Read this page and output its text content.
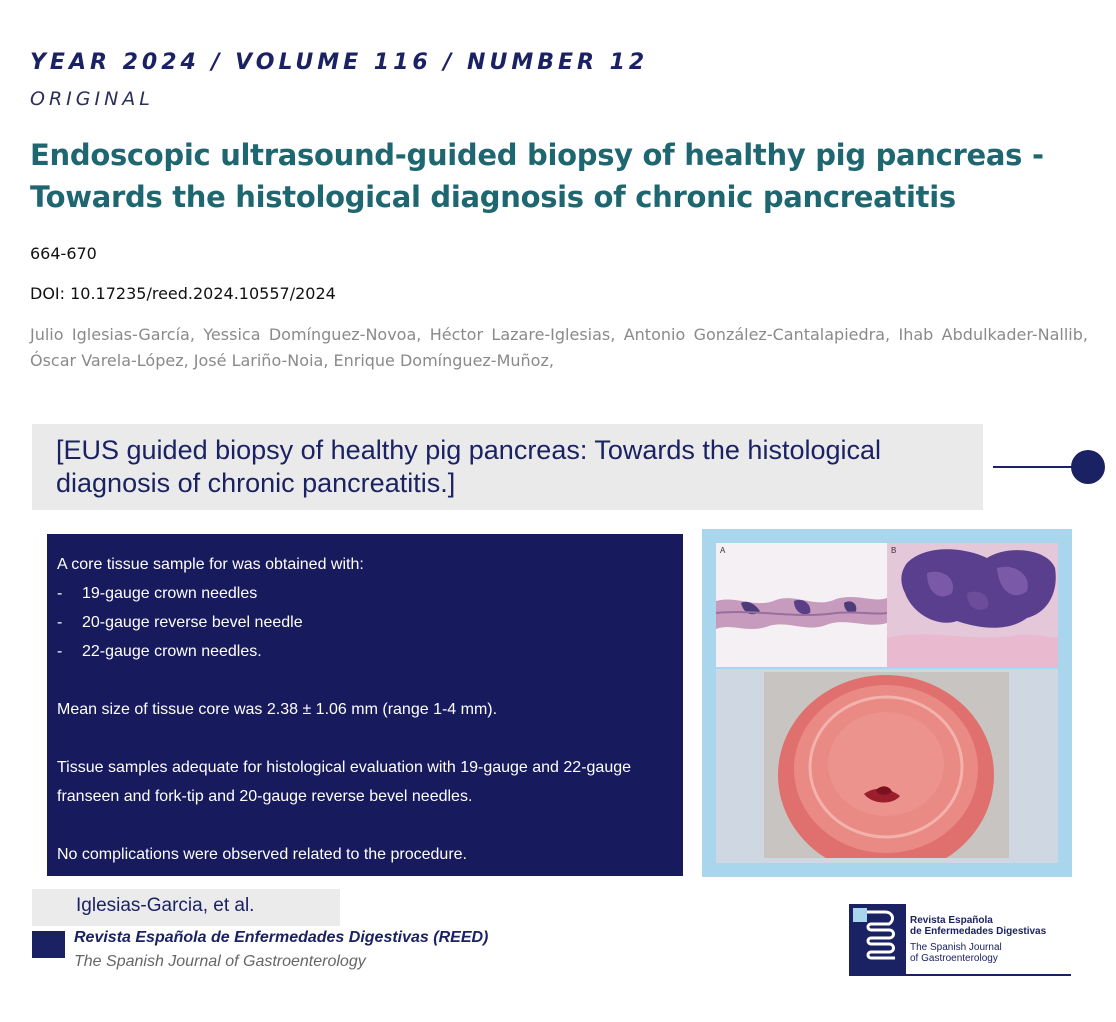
YEAR 2024 / VOLUME 116 / NUMBER 12
ORIGINAL
Endoscopic ultrasound-guided biopsy of healthy pig pancreas - Towards the histological diagnosis of chronic pancreatitis
664-670
DOI: 10.17235/reed.2024.10557/2024
Julio Iglesias-García, Yessica Domínguez-Novoa, Héctor Lazare-Iglesias, Antonio González-Cantalapiedra, Ihab Abdulkader-Nallib, Óscar Varela-López, José Lariño-Noia, Enrique Domínguez-Muñoz,
[EUS guided biopsy of healthy pig pancreas: Towards the histological diagnosis of chronic pancreatitis.]

A core tissue sample for was obtained with:

-	19-gauge crown needles
-	20-gauge reverse bevel needle
-	22-gauge crown needles.

Mean size of tissue core was 2.38 ± 1.06 mm (range 1-4 mm).

Tissue samples adequate for histological evaluation with 19-gauge and 22-gauge franseen and fork-tip and 20-gauge reverse bevel needles.

No complications were observed related to the procedure.

A	B
Iglesias-Garcia, et al.
Revista Española de Enfermedades Digestivas (REED)
The Spanish Journal of Gastroenterology
Revista Española
de Enfermedades Digestivas
The Spanish Journal
of Gastroenterology
